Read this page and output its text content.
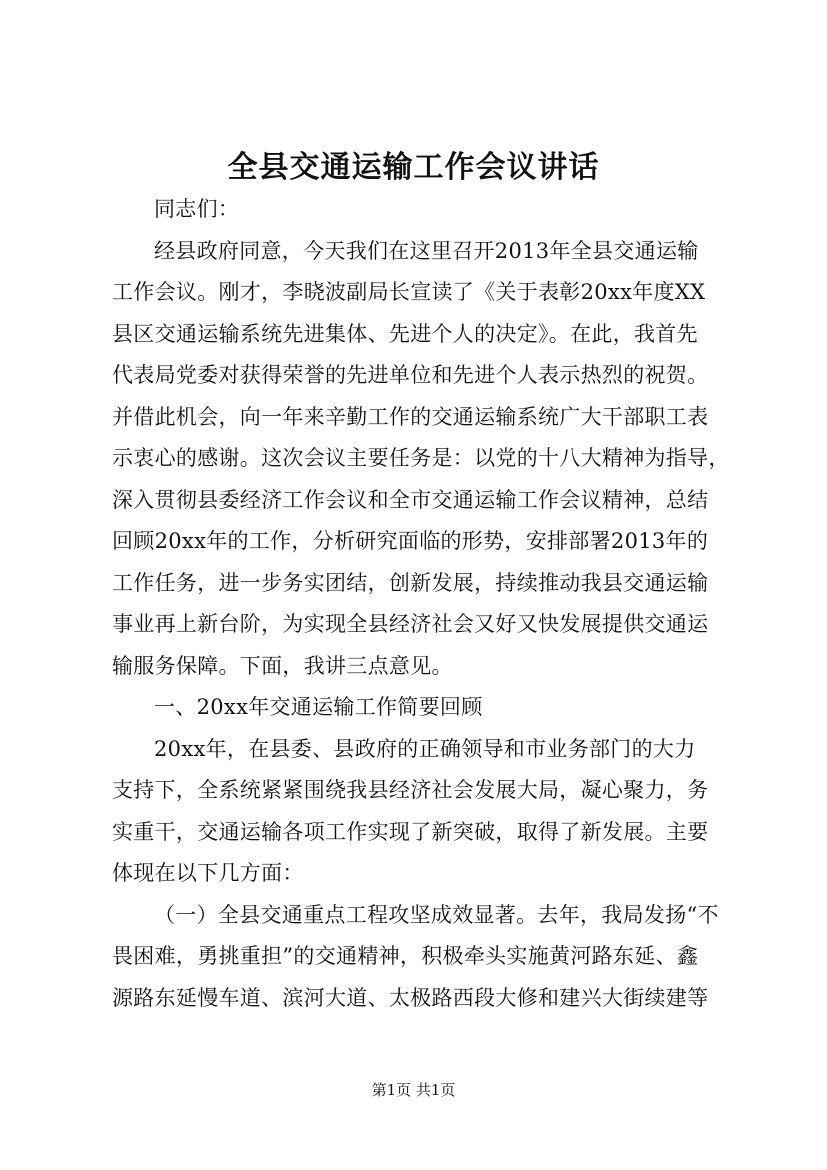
全县交通运输工作会议讲话
同志们：
经县政府同意，今天我们在这里召开2013年全县交通运输
工作会议。刚才，李晓波副局长宣读了《关于表彰20xx年度XX
县区交通运输系统先进集体、先进个人的决定》。在此，我首先
代表局党委对获得荣誉的先进单位和先进个人表示热烈的祝贺。
并借此机会，向一年来辛勤工作的交通运输系统广大干部职工表
示衷心的感谢。这次会议主要任务是：以党的十八大精神为指导，
深入贯彻县委经济工作会议和全市交通运输工作会议精神，总结
回顾20xx年的工作，分析研究面临的形势，安排部署2013年的
工作任务，进一步务实团结，创新发展，持续推动我县交通运输
事业再上新台阶，为实现全县经济社会又好又快发展提供交通运
输服务保障。下面，我讲三点意见。
一、20xx年交通运输工作简要回顾
20xx年，在县委、县政府的正确领导和市业务部门的大力
支持下，全系统紧紧围绕我县经济社会发展大局，凝心聚力，务
实重干，交通运输各项工作实现了新突破，取得了新发展。主要
体现在以下几方面：
（一）全县交通重点工程攻坚成效显著。去年，我局发扬“不
畏困难，勇挑重担”的交通精神，积极牵头实施黄河路东延、鑫
源路东延慢车道、滨河大道、太极路西段大修和建兴大街续建等
第1页 共1页
